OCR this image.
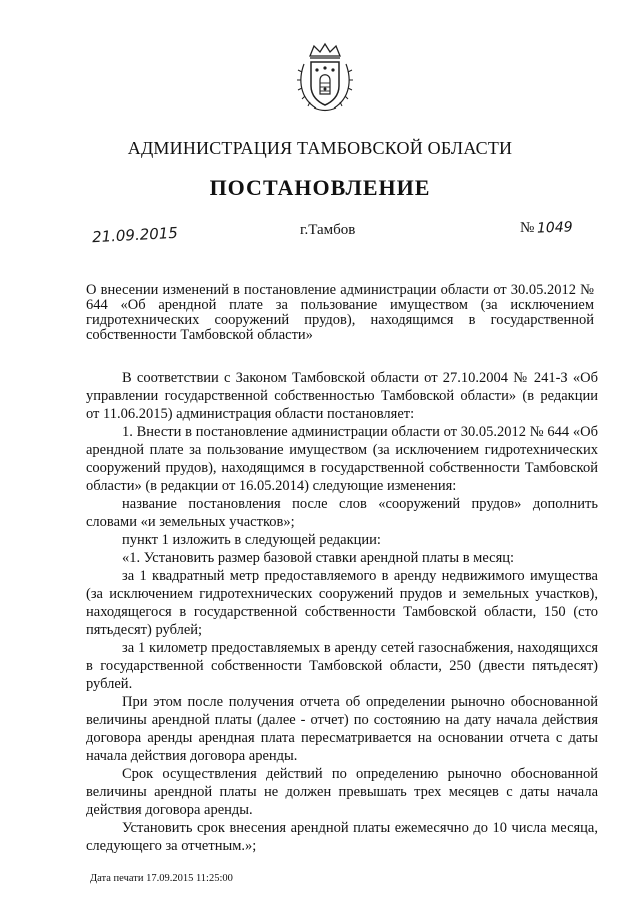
АДМИНИСТРАЦИЯ ТАМБОВСКОЙ ОБЛАСТИ
ПОСТАНОВЛЕНИЕ
21.09.2015	г.Тамбов	№ 1049
О внесении изменений в постановление администрации области от 30.05.2012 № 644 «Об арендной плате за пользование имуществом (за исключением гидротехнических сооружений прудов), находящимся в государственной собственности Тамбовской области»

В соответствии с Законом Тамбовской области от 27.10.2004 № 241-З «Об управлении государственной собственностью Тамбовской области» (в редакции от 11.06.2015) администрация области постановляет:

1. Внести в постановление администрации области от 30.05.2012 № 644 «Об арендной плате за пользование имуществом (за исключением гидротехнических сооружений прудов), находящимся в государственной собственности Тамбовской области» (в редакции от 16.05.2014) следующие изменения:

название постановления после слов «сооружений прудов» дополнить словами «и земельных участков»;

пункт 1 изложить в следующей редакции:

«1. Установить размер базовой ставки арендной платы в месяц:

за 1 квадратный метр предоставляемого в аренду недвижимого имущества (за исключением гидротехнических сооружений прудов и земельных участков), находящегося в государственной собственности Тамбовской области, 150 (сто пятьдесят) рублей;

за 1 километр предоставляемых в аренду сетей газоснабжения, находящихся в государственной собственности Тамбовской области, 250 (двести пятьдесят) рублей.

При этом после получения отчета об определении рыночно обоснованной величины арендной платы (далее - отчет) по состоянию на дату начала действия договора аренды арендная плата пересматривается на основании отчета с даты начала действия договора аренды.

Срок осуществления действий по определению рыночно обоснованной величины арендной платы не должен превышать трех месяцев с даты начала действия договора аренды.

Установить срок внесения арендной платы ежемесячно до 10 числа месяца, следующего за отчетным.»;

Дата печати 17.09.2015 11:25:00
